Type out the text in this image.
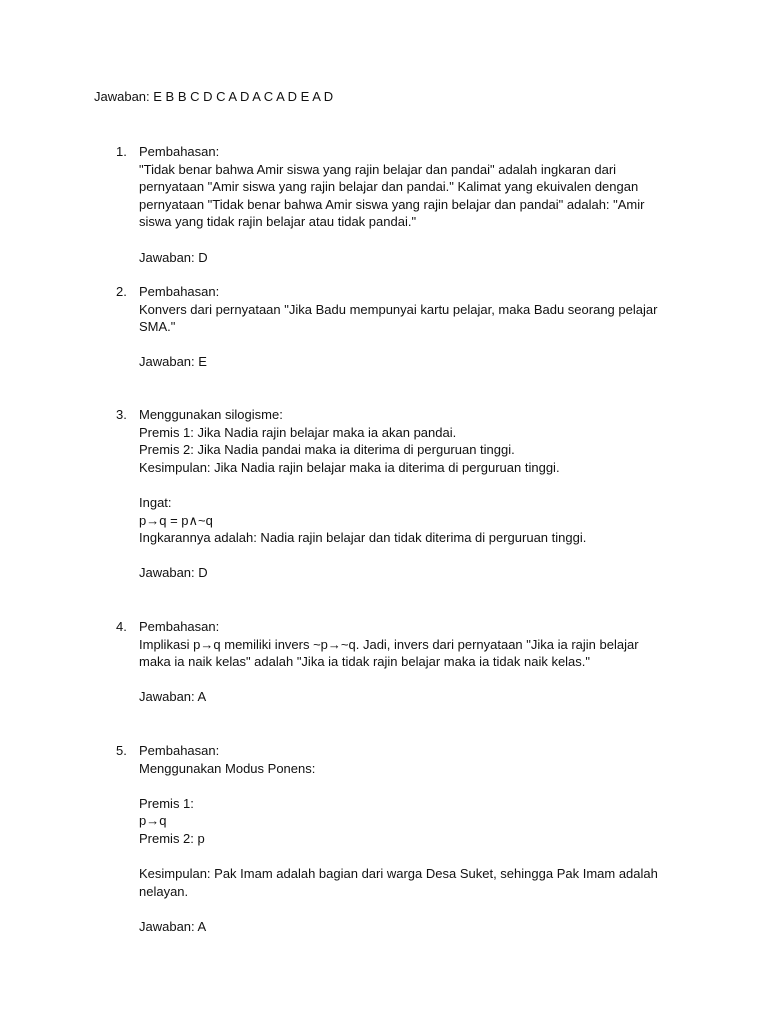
Jawaban: E B B C D C A D A C A D E A D
1. Pembahasan:
"Tidak benar bahwa Amir siswa yang rajin belajar dan pandai" adalah ingkaran dari
pernyataan "Amir siswa yang rajin belajar dan pandai." Kalimat yang ekuivalen dengan
pernyataan "Tidak benar bahwa Amir siswa yang rajin belajar dan pandai" adalah: "Amir
siswa yang tidak rajin belajar atau tidak pandai."
Jawaban: D
2. Pembahasan:
Konvers dari pernyataan "Jika Badu mempunyai kartu pelajar, maka Badu seorang pelajar
SMA."
Jawaban: E
3. Menggunakan silogisme:
Premis 1: Jika Nadia rajin belajar maka ia akan pandai.
Premis 2: Jika Nadia pandai maka ia diterima di perguruan tinggi.
Kesimpulan: Jika Nadia rajin belajar maka ia diterima di perguruan tinggi.
Ingat:
p→q = p∧~q
Ingkarannya adalah: Nadia rajin belajar dan tidak diterima di perguruan tinggi.
Jawaban: D
4. Pembahasan:
Implikasi p→q memiliki invers ~p→~q. Jadi, invers dari pernyataan "Jika ia rajin belajar
maka ia naik kelas" adalah "Jika ia tidak rajin belajar maka ia tidak naik kelas."
Jawaban: A
5. Pembahasan:
Menggunakan Modus Ponens:
Premis 1:
p→q
Premis 2: p
Kesimpulan: Pak Imam adalah bagian dari warga Desa Suket, sehingga Pak Imam adalah
nelayan.
Jawaban: A
